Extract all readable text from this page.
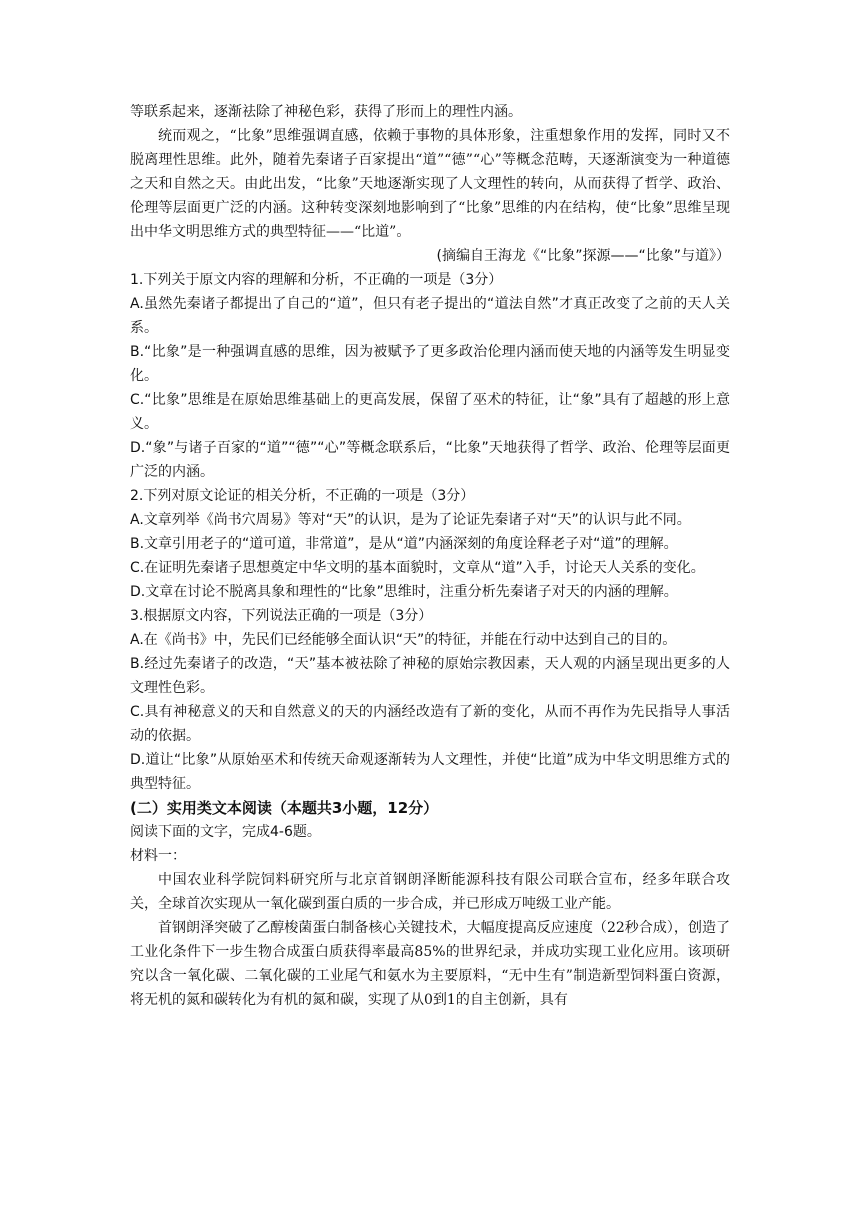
等联系起来，逐渐祛除了神秘色彩，获得了形而上的理性内涵。

统而观之，“比象”思维强调直感，依赖于事物的具体形象，注重想象作用的发挥，同时又不脱离理性思维。此外，随着先秦诸子百家提出“道”“德”“心”等概念范畴，天逐渐演变为一种道德之天和自然之天。由此出发，“比象”天地逐渐实现了人文理性的转向，从而获得了哲学、政治、伦理等层面更广泛的内涵。这种转变深刻地影响到了“比象”思维的内在结构，使“比象”思维呈现出中华文明思维方式的典型特征——“比道”。

(摘编自王海龙《“比象”探源——“比象”与道》）

1.下列关于原文内容的理解和分析，不正确的一项是（3分）

A.虽然先秦诸子都提出了自己的“道”，但只有老子提出的“道法自然”才真正改变了之前的天人关系。

B.“比象”是一种强调直感的思维，因为被赋予了更多政治伦理内涵而使天地的内涵等发生明显变化。

C.“比象”思维是在原始思维基础上的更高发展，保留了巫术的特征，让“象”具有了超越的形上意义。

D.“象”与诸子百家的“道”“德”“心”等概念联系后，“比象”天地获得了哲学、政治、伦理等层面更广泛的内涵。

2.下列对原文论证的相关分析，不正确的一项是（3分）

A.文章列举《尚书穴周易》等对“天”的认识，是为了论证先秦诸子对“天”的认识与此不同。

B.文章引用老子的“道可道，非常道”，是从“道”内涵深刻的角度诠释老子对“道”的理解。

C.在证明先秦诸子思想奠定中华文明的基本面貌时，文章从“道”入手，讨论天人关系的变化。

D.文章在讨论不脱离具象和理性的“比象”思维时，注重分析先秦诸子对天的内涵的理解。

3.根据原文内容，下列说法正确的一项是（3分）

A.在《尚书》中，先民们已经能够全面认识“天”的特征，并能在行动中达到自己的目的。

B.经过先秦诸子的改造，“天”基本被祛除了神秘的原始宗教因素，天人观的内涵呈现出更多的人文理性色彩。

C.具有神秘意义的天和自然意义的天的内涵经改造有了新的变化，从而不再作为先民指导人事活动的依据。

D.道让“比象”从原始巫术和传统天命观逐渐转为人文理性，并使“比道”成为中华文明思维方式的典型特征。

(二）实用类文本阅读（本题共3小题，12分）

阅读下面的文字，完成4-6题。

材料一：

中国农业科学院饲料研究所与北京首钢朗泽断能源科技有限公司联合宣布，经多年联合攻关，全球首次实现从一氧化碳到蛋白质的一步合成，并已形成万吨级工业产能。

首钢朗泽突破了乙醇梭菌蛋白制备核心关键技术，大幅度提高反应速度（22秒合成），创造了工业化条件下一步生物合成蛋白质获得率最高85%的世界纪录，并成功实现工业化应用。该项研究以含一氧化碳、二氧化碳的工业尾气和氨水为主要原料，“无中生有”制造新型饲料蛋白资源，将无机的氮和碳转化为有机的氮和碳，实现了从0到1的自主创新，具有
